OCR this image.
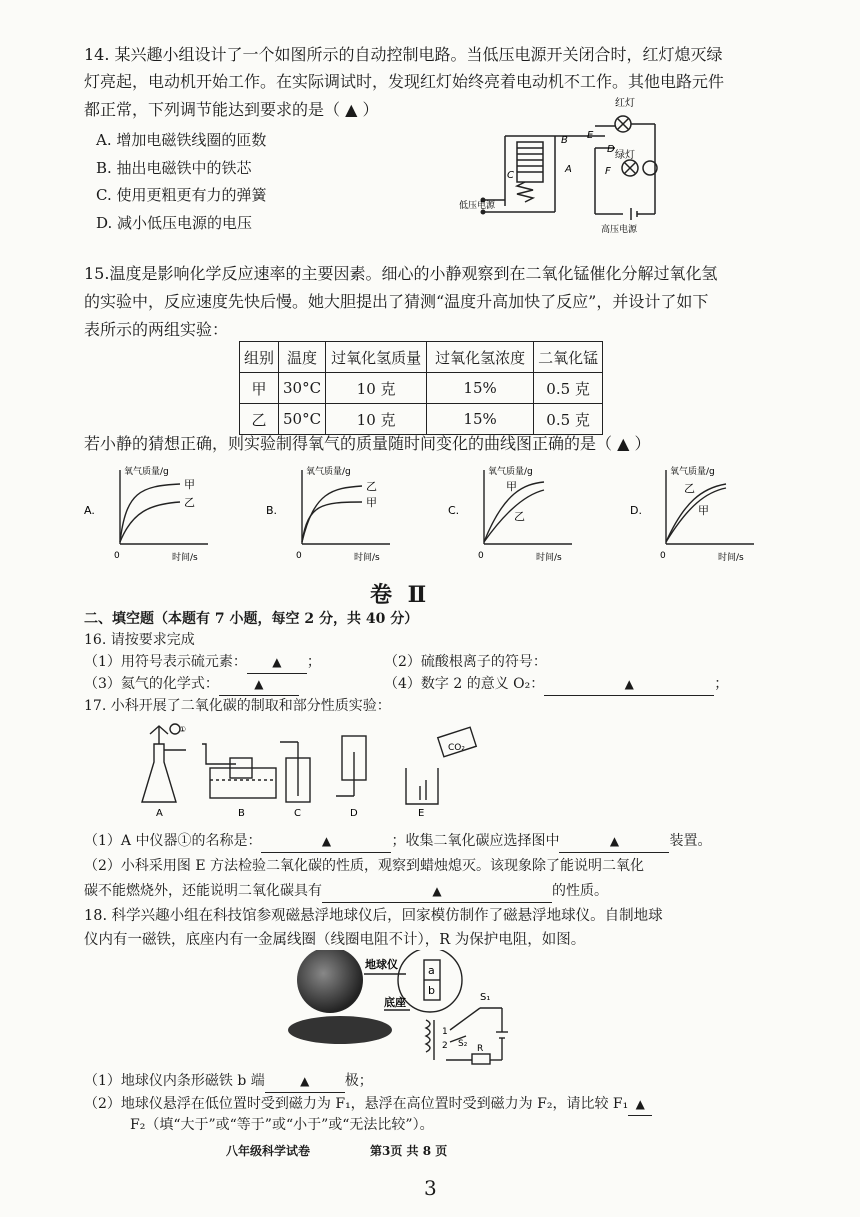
14. 某兴趣小组设计了一个如图所示的自动控制电路。当低压电源开关闭合时，红灯熄灭绿
灯亮起，电动机开始工作。在实际调试时，发现红灯始终亮着电动机不工作。其他电路元件
都正常，下列调节能达到要求的是（ ▲ ）
A. 增加电磁铁线圈的匝数
B. 抽出电磁铁中的铁芯
C. 使用更粗更有力的弹簧
D. 减小低压电源的电压
红灯
绿灯
低压电源
高压电源
B E
D
A	F
C
15.温度是影响化学反应速率的主要因素。细心的小静观察到在二氧化锰催化分解过氧化氢
的实验中，反应速度先快后慢。她大胆提出了猜测“温度升高加快了反应”，并设计了如下
表所示的两组实验：
组别	温度	过氧化氢质量	过氧化氢浓度	二氧化锰
甲	30°C	10 克	15%	0.5 克
乙	50°C	10 克	15%	0.5 克
若小静的猜想正确，则实验制得氧气的质量随时间变化的曲线图正确的是（ ▲ ）
A.
氧气质量/g
时间/s
0
甲
乙
B.
氧气质量/g
时间/s
0
乙
甲
C.
氧气质量/g
时间/s
0
甲
乙	D.
氧气质量/g
时间/s
0
乙
甲
卷 Ⅱ
二、填空题（本题有 7 小题，每空 2 分，共 40 分）
16. 请按要求完成
（1）用符号表示硫元素： ▲ ；	（2）硫酸根离子的符号：
（3）氦气的化学式：	▲	（4）数字 2 的意义 O₂：	▲	；
17. 小科开展了二氧化碳的制取和部分性质实验：
①
CO₂
A	B	C	D	E
（1）A 中仪器①的名称是：	▲	；收集二氧化碳应选择图中	▲	装置。
（2）小科采用图 E 方法检验二氧化碳的性质，观察到蜡烛熄灭。该现象除了能说明二氧化
碳不能燃烧外，还能说明二氧化碳具有	▲	的性质。
18. 科学兴趣小组在科技馆参观磁悬浮地球仪后，回家模仿制作了磁悬浮地球仪。自制地球
仪内有一磁铁，底座内有一金属线圈（线圈电阻不计），R 为保护电阻，如图。
地球仪
底座
a
b
S₁
S₂ R
1
2
（1）地球仪内条形磁铁 b 端	▲	极；
（2）地球仪悬浮在低位置时受到磁力为 F₁，悬浮在高位置时受到磁力为 F₂，请比较 F₁ ▲
F₂（填“大于”或“等于”或“小于”或“无法比较”）。
八年级科学试卷	第3页 共 8 页
3
